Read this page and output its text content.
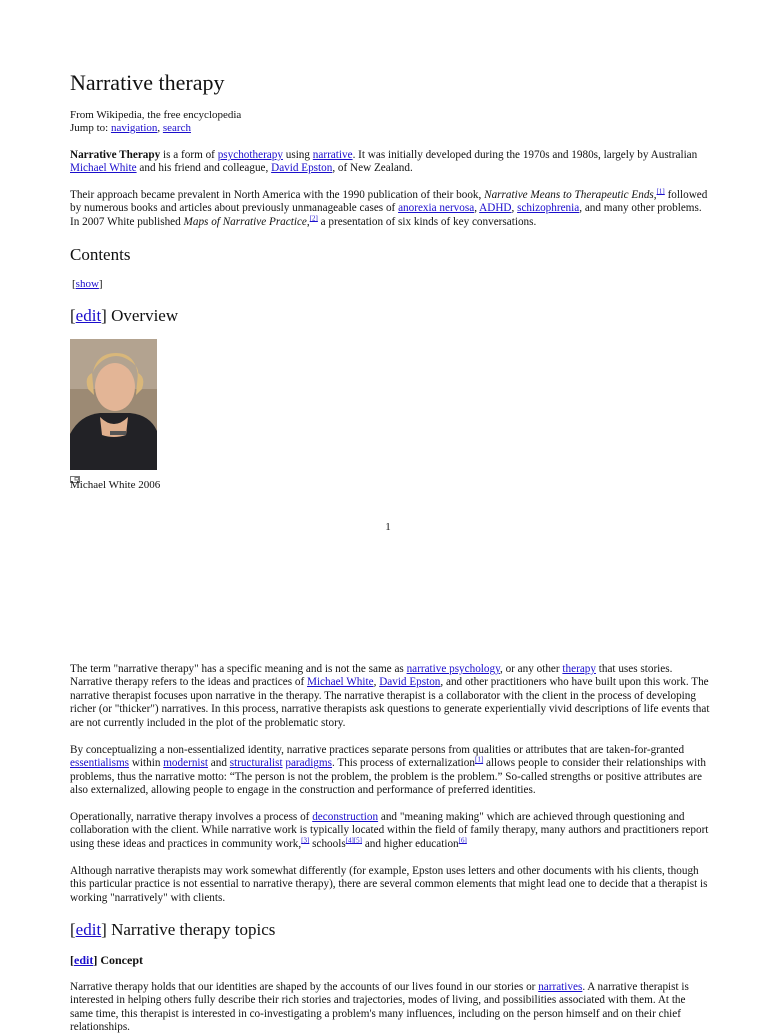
Narrative therapy
From Wikipedia, the free encyclopedia
Jump to: navigation, search

Narrative Therapy is a form of psychotherapy using narrative. It was initially developed during the 1970s and 1980s, largely by Australian Michael White and his friend and colleague, David Epston, of New Zealand.

Their approach became prevalent in North America with the 1990 publication of their book, Narrative Means to Therapeutic Ends,[1] followed by numerous books and articles about previously unmanageable cases of anorexia nervosa, ADHD, schizophrenia, and many other problems. In 2007 White published Maps of Narrative Practice,[2] a presentation of six kinds of key conversations.

Contents
[show]
[edit] Overview
Michael White 2006
1

The term "narrative therapy" has a specific meaning and is not the same as narrative psychology, or any other therapy that uses stories. Narrative therapy refers to the ideas and practices of Michael White, David Epston, and other practitioners who have built upon this work. The narrative therapist focuses upon narrative in the therapy. The narrative therapist is a collaborator with the client in the process of developing richer (or "thicker") narratives. In this process, narrative therapists ask questions to generate experientially vivid descriptions of life events that are not currently included in the plot of the problematic story.

By conceptualizing a non-essentialized identity, narrative practices separate persons from qualities or attributes that are taken-for-granted essentialisms within modernist and structuralist paradigms. This process of externalization[1] allows people to consider their relationships with problems, thus the narrative motto: “The person is not the problem, the problem is the problem.” So-called strengths or positive attributes are also externalized, allowing people to engage in the construction and performance of preferred identities.

Operationally, narrative therapy involves a process of deconstruction and "meaning making" which are achieved through questioning and collaboration with the client. While narrative work is typically located within the field of family therapy, many authors and practitioners report using these ideas and practices in community work,[3] schools[4][5] and higher education[6]

Although narrative therapists may work somewhat differently (for example, Epston uses letters and other documents with his clients, though this particular practice is not essential to narrative therapy), there are several common elements that might lead one to decide that a therapist is working "narratively" with clients.

[edit] Narrative therapy topics
[edit] Concept

Narrative therapy holds that our identities are shaped by the accounts of our lives found in our stories or narratives. A narrative therapist is interested in helping others fully describe their rich stories and trajectories, modes of living, and possibilities associated with them. At the same time, this therapist is interested in co-investigating a problem's many influences, including on the person himself and on their chief relationships.
